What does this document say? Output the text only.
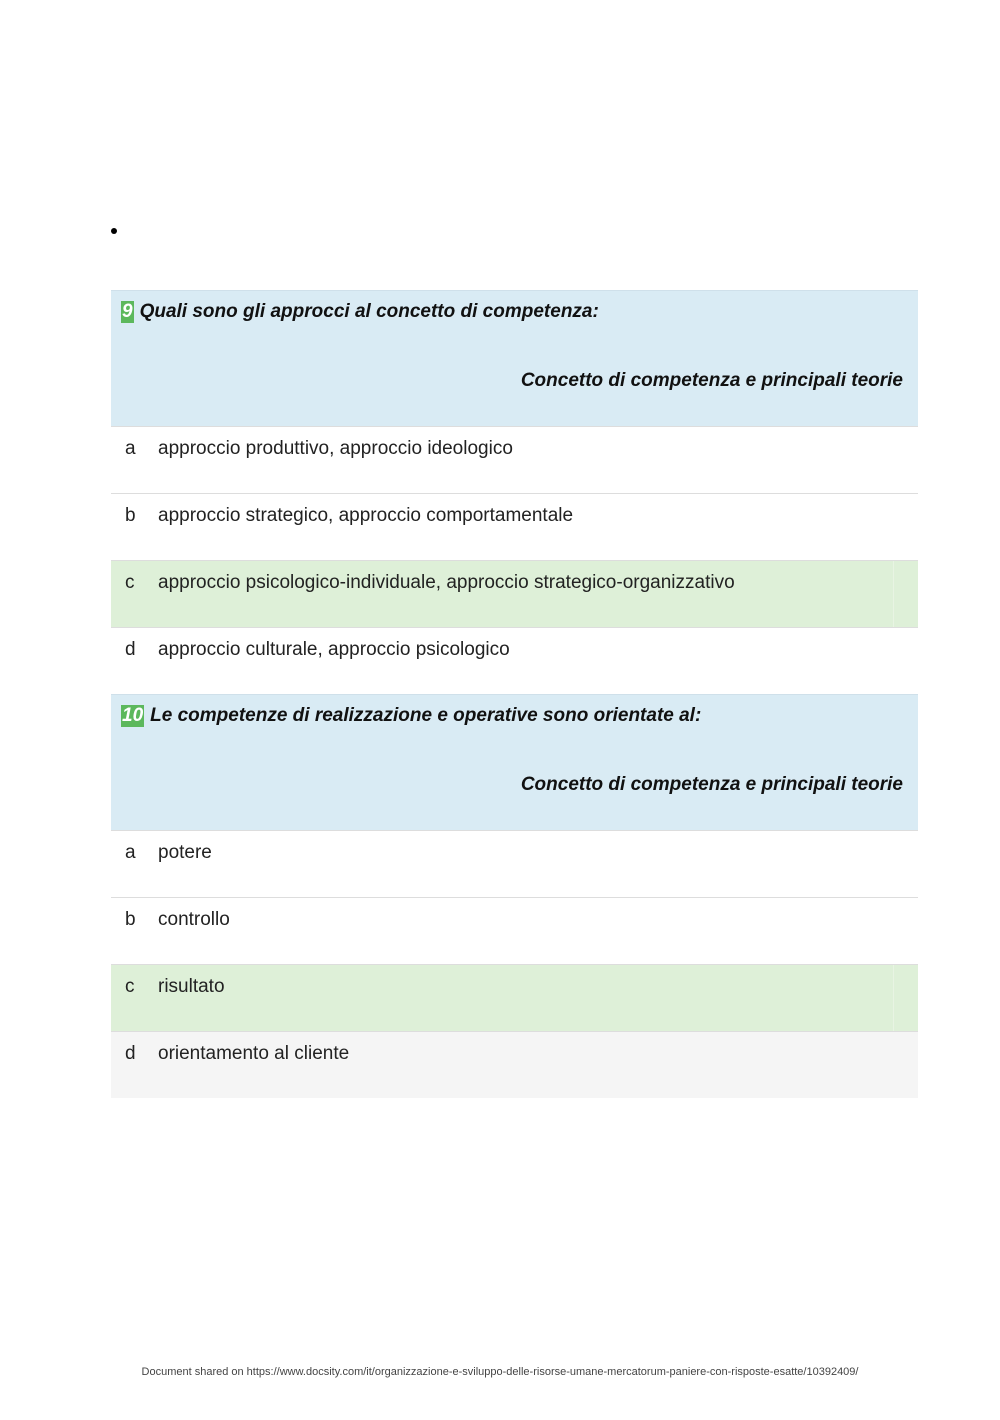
9 Quali sono gli approcci al concetto di competenza:
Concetto di competenza e principali teorie
a approccio produttivo, approccio ideologico
b approccio strategico, approccio comportamentale
c approccio psicologico-individuale, approccio strategico-organizzativo
d approccio culturale, approccio psicologico
10 Le competenze di realizzazione e operative sono orientate al:
Concetto di competenza e principali teorie
a potere
b controllo
c risultato
d orientamento al cliente
Document shared on https://www.docsity.com/it/organizzazione-e-sviluppo-delle-risorse-umane-mercatorum-paniere-con-risposte-esatte/10392409/
